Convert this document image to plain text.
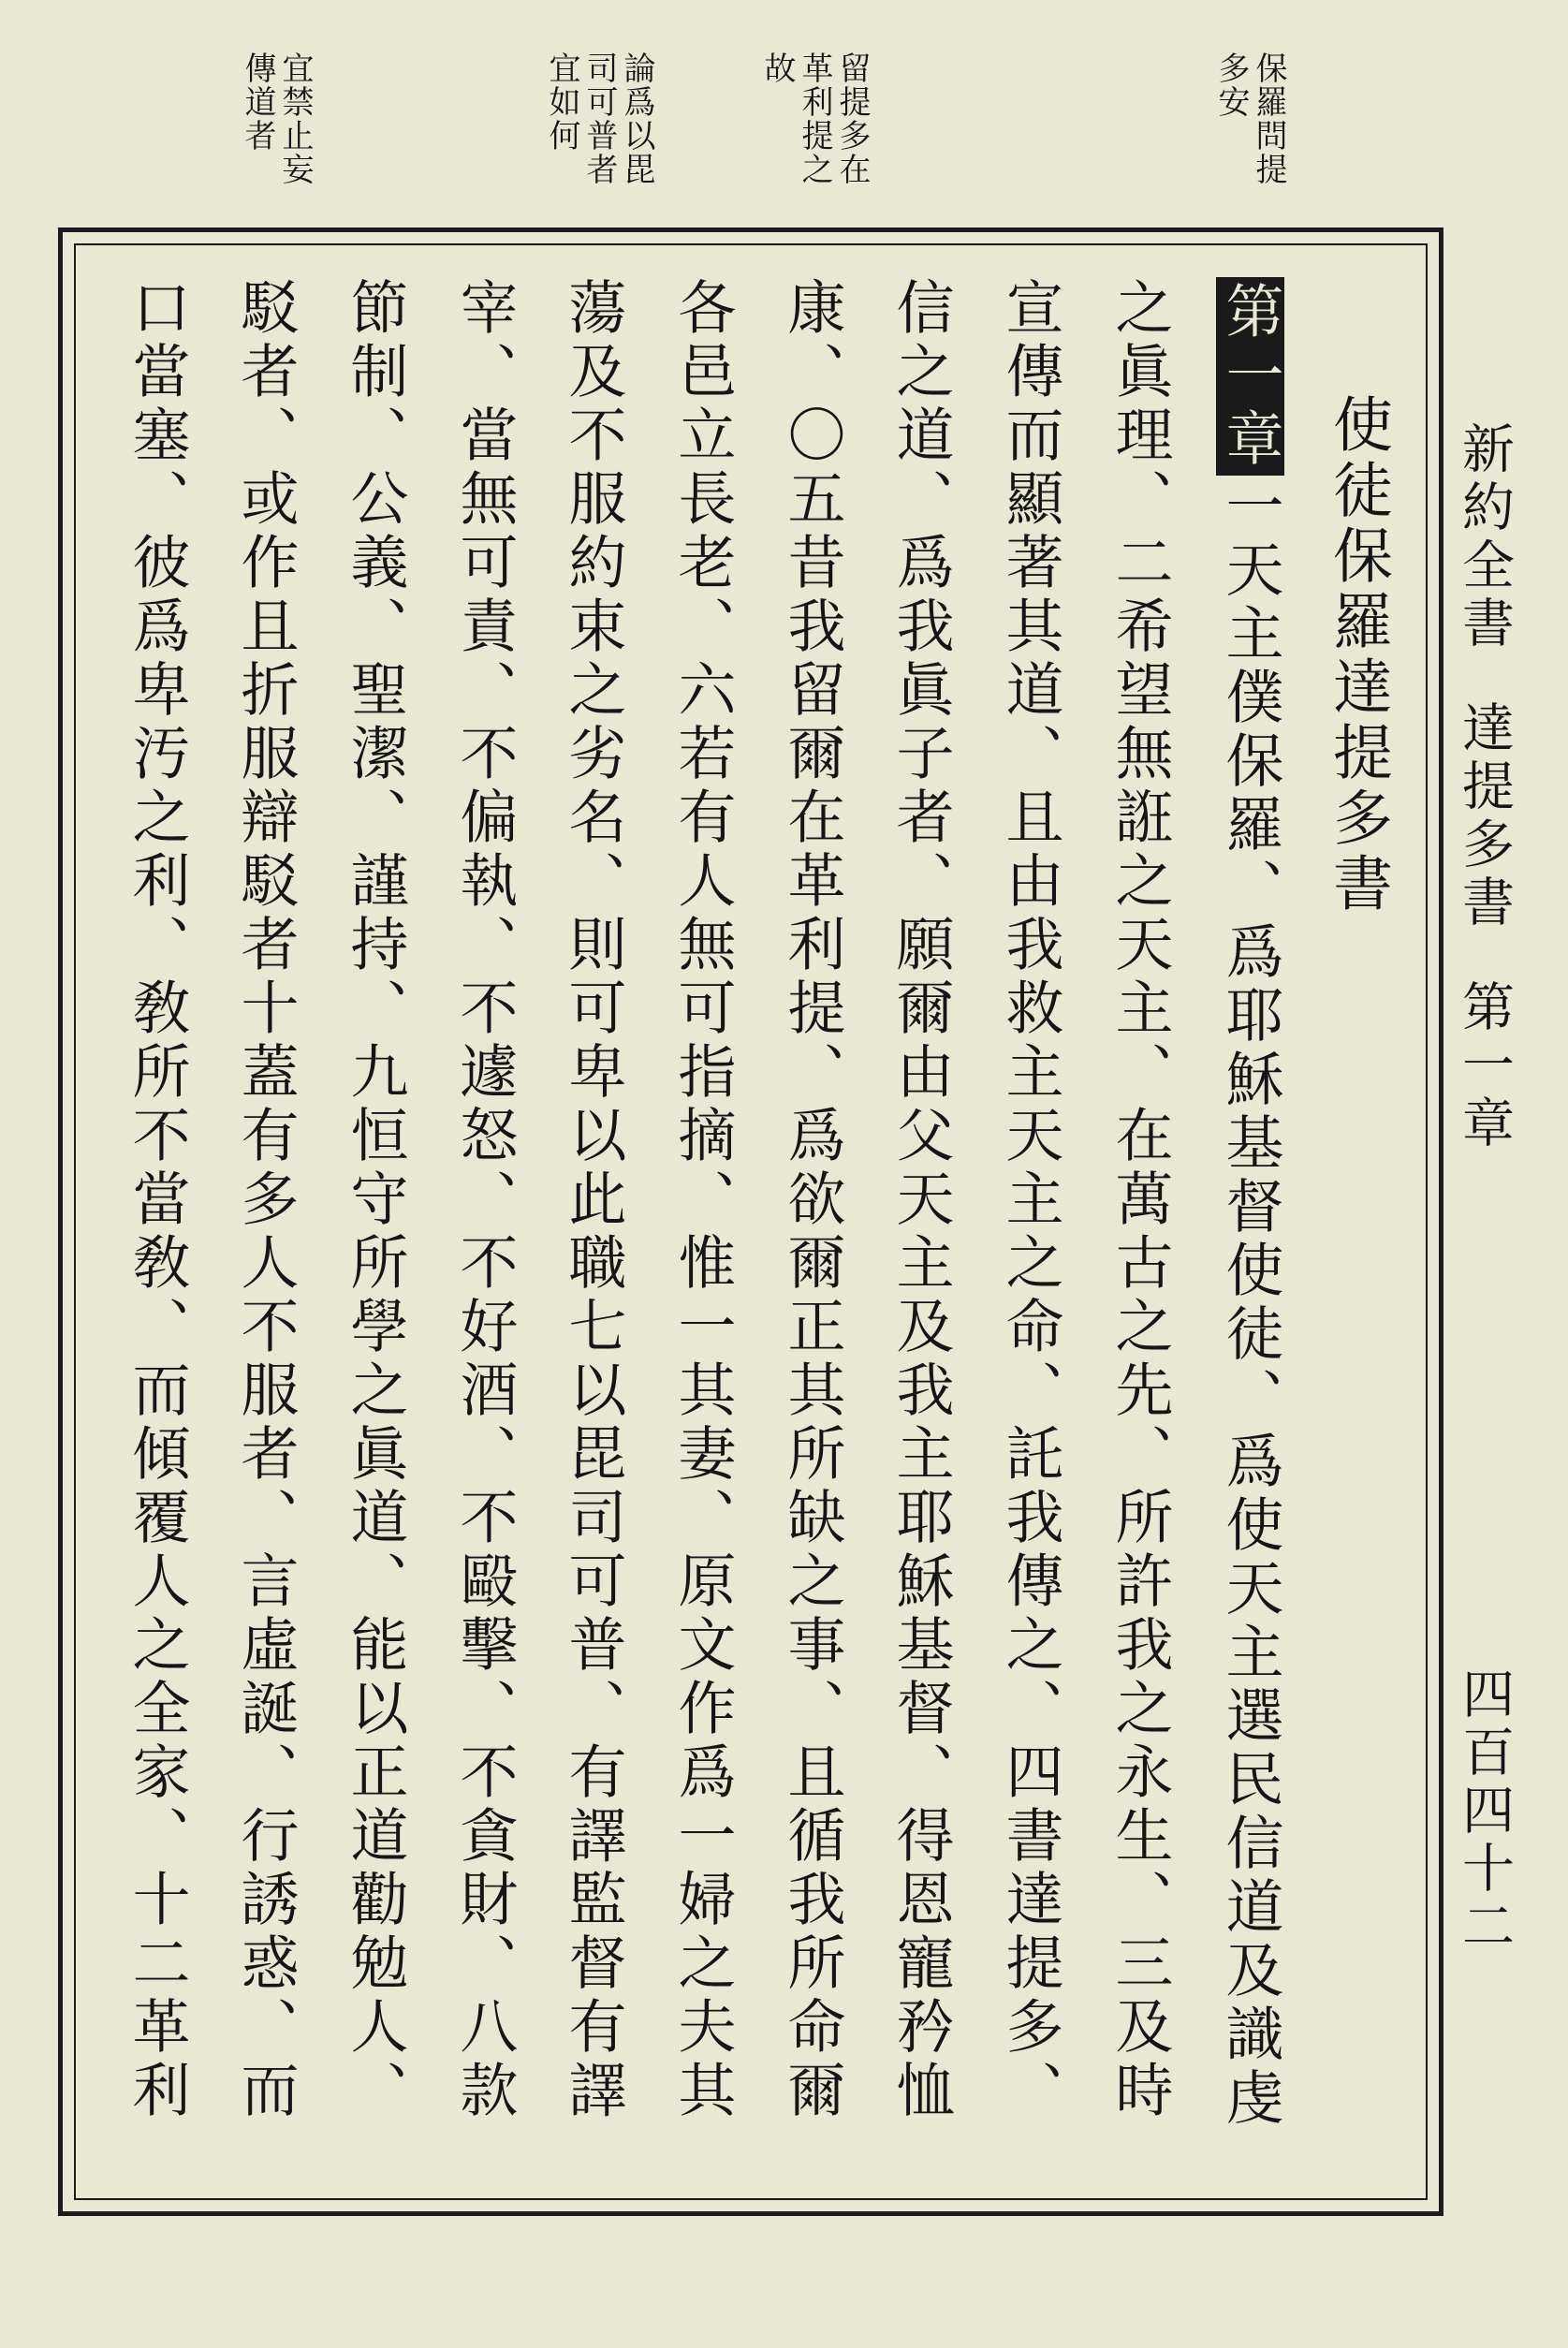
保羅問提
多安
留提多在
革利提之
故
論爲以毘
司可普者
宜如何
宜禁止妄
傳道者
新約全書達提多書第一章
四百四十二
使徒保羅達提多書
第一章一天主僕保羅、爲耶穌基督使徒、爲使天主選民信道及識虔
之眞理、二希望無誑之天主、在萬古之先、所許我之永生、三及時
宣傳而顯著其道、且由我救主天主之命、託我傳之、四書達提多、
信之道、爲我眞子者、願爾由父天主及我主耶穌基督、得恩寵矜恤
康、〇五昔我留爾在革利提、爲欲爾正其所缺之事、且循我所命爾
各邑立長老、六若有人無可指摘、惟一其妻、原文作爲一婦之夫其
蕩及不服約束之劣名、則可卑以此職七以毘司可普、有譯監督有譯
宰、當無可責、不偏執、不遽怒、不好酒、不毆擊、不貪財、八款
節制、公義、聖潔、謹持、九恒守所學之眞道、能以正道勸勉人、
駁者、或作且折服辯駁者十蓋有多人不服者、言虛誕、行誘惑、而
口當塞、彼爲卑汚之利、敎所不當敎、而傾覆人之全家、十二革利
